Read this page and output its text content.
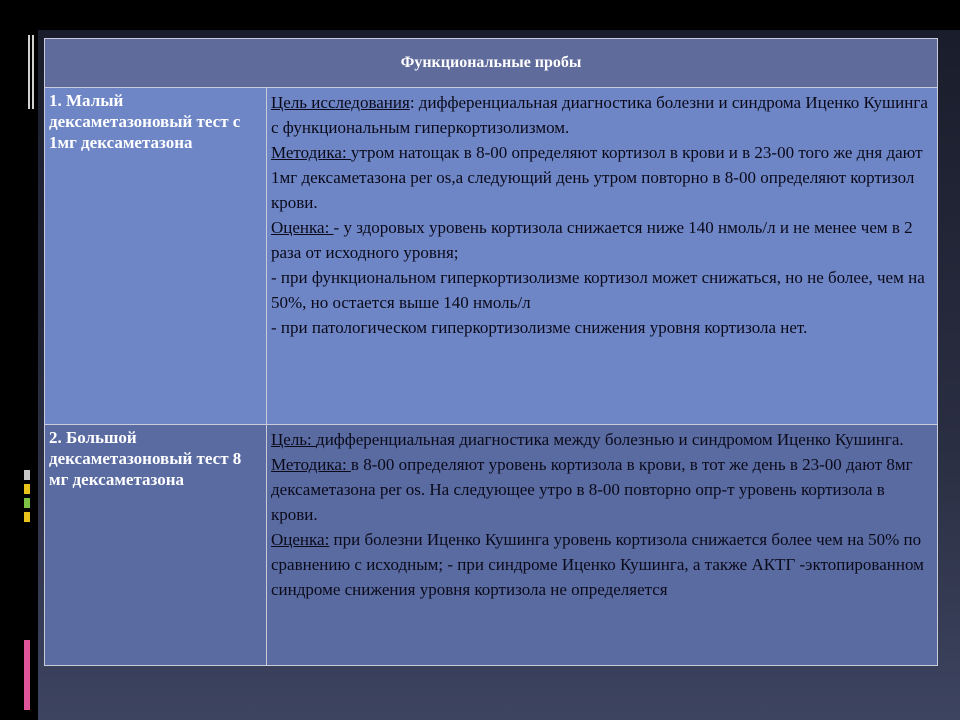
Функциональные пробы	
1. Малый дексаметазоновый тест с 1мг дексаметазона	Цель исследования: дифференциальная диагностика болезни и синдрома Иценко Кушинга с функциональным гиперкортизолизмом.
Методика: утром натощак в 8-00 определяют кортизол в крови и в 23-00 того же дня дают 1мг дексаметазона per os,а следующий день утром повторно в 8-00 определяют кортизол крови.
Оценка: - у здоровых уровень кортизола снижается ниже 140 нмоль/л и не менее чем в 2 раза от исходного уровня;
- при функциональном гиперкортизолизме кортизол может снижаться, но не более, чем на 50%, но остается выше 140 нмоль/л
- при патологическом гиперкортизолизме снижения уровня кортизола нет.

2. Большой дексаметазоновый тест 8 мг дексаметазона	Цель: дифференциальная диагностика между болезнью и синдромом Иценко Кушинга.
Методика: в 8-00 определяют уровень кортизола в крови, в тот же день в 23-00 дают 8мг дексаметазона per os. На следующее утро в 8-00 повторно опр-т уровень кортизола в крови.
Оценка: при болезни Иценко Кушинга уровень кортизола снижается более чем на 50% по сравнению с исходным; - при синдроме Иценко Кушинга, а также АКТГ -эктопированном синдроме снижения уровня кортизола не определяется
